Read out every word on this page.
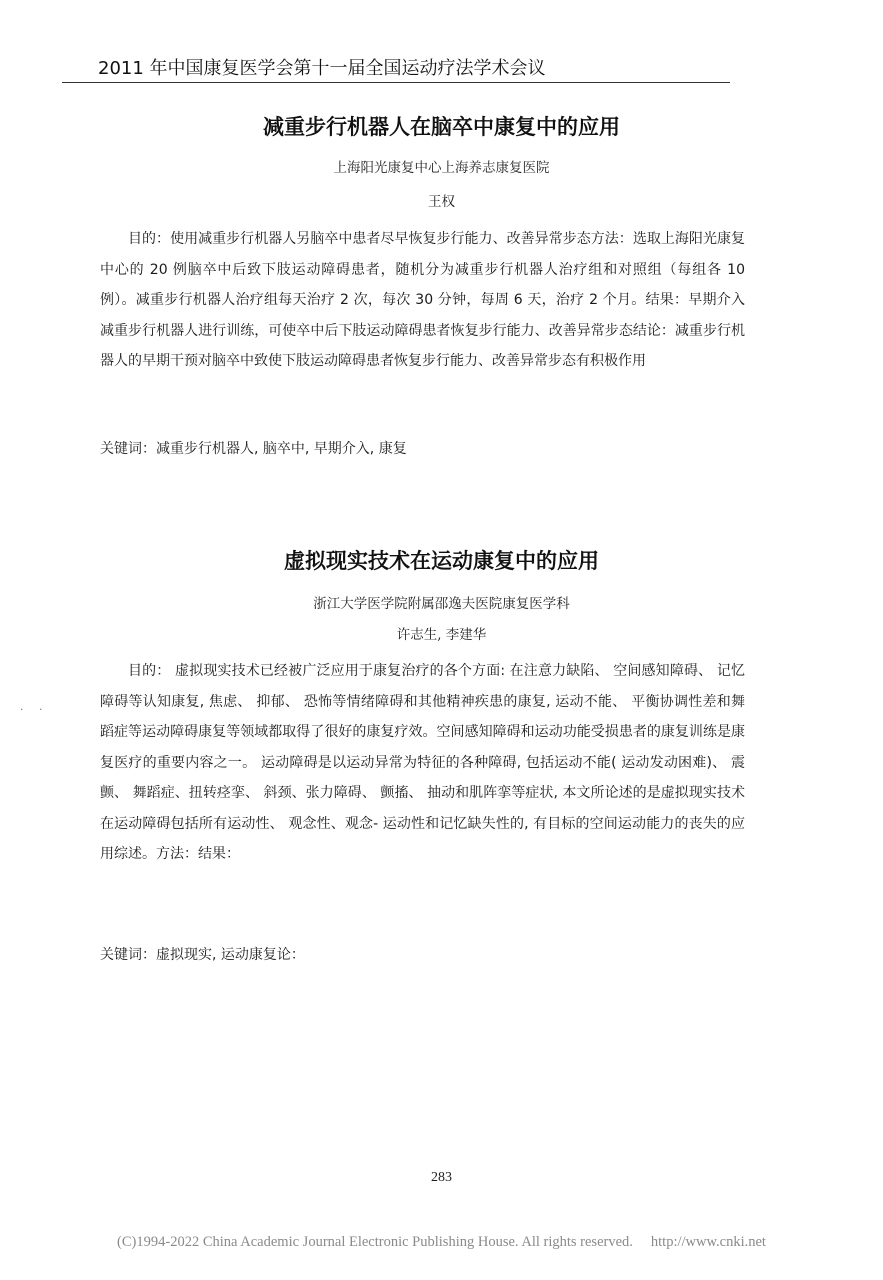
2011 年中国康复医学会第十一届全国运动疗法学术会议
减重步行机器人在脑卒中康复中的应用
上海阳光康复中心上海养志康复医院
王权

目的：使用减重步行机器人另脑卒中患者尽早恢复步行能力、改善异常步态方法：选取上海阳光康复中心的 20 例脑卒中后致下肢运动障碍患者，随机分为减重步行机器人治疗组和对照组（每组各 10 例）。减重步行机器人治疗组每天治疗 2 次，每次 30 分钟，每周 6 天，治疗 2 个月。结果：早期介入减重步行机器人进行训练，可使卒中后下肢运动障碍患者恢复步行能力、改善异常步态结论：减重步行机器人的早期干预对脑卒中致使下肢运动障碍患者恢复步行能力、改善异常步态有积极作用

关键词：减重步行机器人, 脑卒中, 早期介入, 康复
虚拟现实技术在运动康复中的应用
浙江大学医学院附属邵逸夫医院康复医学科
许志生, 李建华

目的： 虚拟现实技术已经被广泛应用于康复治疗的各个方面: 在注意力缺陷、 空间感知障碍、 记忆障碍等认知康复, 焦虑、 抑郁、 恐怖等情绪障碍和其他精神疾患的康复, 运动不能、 平衡协调性差和舞蹈症等运动障碍康复等领域都取得了很好的康复疗效。空间感知障碍和运动功能受损患者的康复训练是康复医疗的重要内容之一。 运动障碍是以运动异常为特征的各种障碍, 包括运动不能( 运动发动困难)、 震颤、 舞蹈症、扭转痉挛、 斜颈、张力障碍、 颤搐、 抽动和肌阵挛等症状, 本文所论述的是虚拟现实技术在运动障碍包括所有运动性、 观念性、观念- 运动性和记忆缺失性的, 有目标的空间运动能力的丧失的应用综述。方法：结果：

关键词：虚拟现实, 运动康复论：
· ·
283
(C)1994-2022 China Academic Journal Electronic Publishing House. All rights reserved. http://www.cnki.net
